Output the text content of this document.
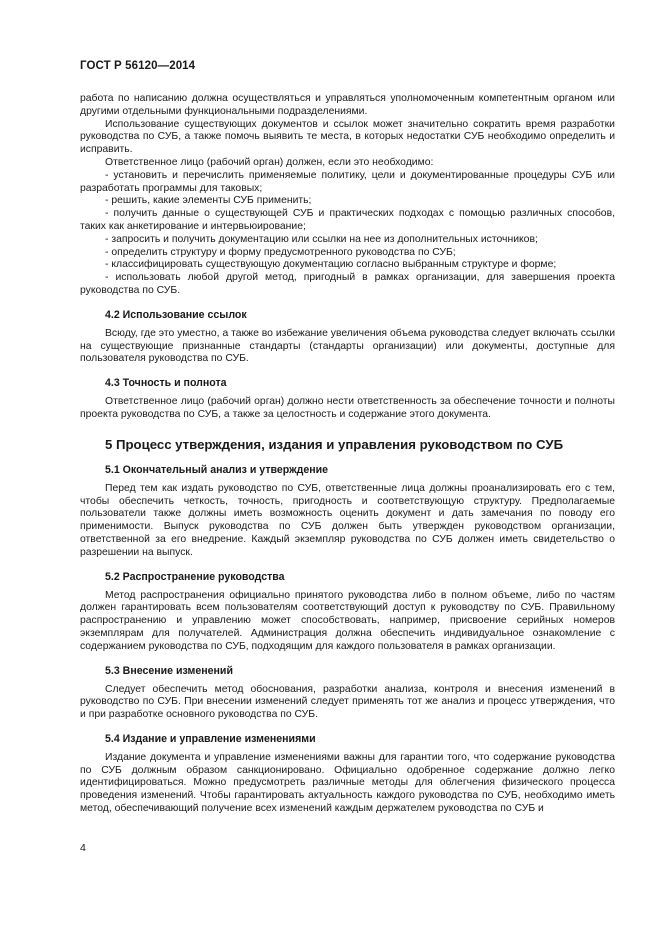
ГОСТ Р 56120—2014

работа по написанию должна осуществляться и управляться уполномоченным компетентным органом или другими отдельными функциональными подразделениями.

Использование существующих документов и ссылок может значительно сократить время разработки руководства по СУБ, а также помочь выявить те места, в которых недостатки СУБ необходимо определить и исправить.

Ответственное лицо (рабочий орган) должен, если это необходимо:

- установить и перечислить применяемые политику, цели и документированные процедуры СУБ или разработать программы для таковых;

- решить, какие элементы СУБ применить;

- получить данные о существующей СУБ и практических подходах с помощью различных способов, таких как анкетирование и интервьюирование;

- запросить и получить документацию или ссылки на нее из дополнительных источников;

- определить структуру и форму предусмотренного руководства по СУБ;

- классифицировать существующую документацию согласно выбранным структуре и форме;

- использовать любой другой метод, пригодный в рамках организации, для завершения проекта руководства по СУБ.

4.2 Использование ссылок

Всюду, где это уместно, а также во избежание увеличения объема руководства следует включать ссылки на существующие признанные стандарты (стандарты организации) или документы, доступные для пользователя руководства по СУБ.

4.3 Точность и полнота

Ответственное лицо (рабочий орган) должно нести ответственность за обеспечение точности и полноты проекта руководства по СУБ, а также за целостность и содержание этого документа.

5 Процесс утверждения, издания и управления руководством по СУБ
5.1 Окончательный анализ и утверждение

Перед тем как издать руководство по СУБ, ответственные лица должны проанализировать его с тем, чтобы обеспечить четкость, точность, пригодность и соответствующую структуру. Предполагаемые пользователи также должны иметь возможность оценить документ и дать замечания по поводу его применимости. Выпуск руководства по СУБ должен быть утвержден руководством организации, ответственной за его внедрение. Каждый экземпляр руководства по СУБ должен иметь свидетельство о разрешении на выпуск.

5.2 Распространение руководства

Метод распространения официально принятого руководства либо в полном объеме, либо по частям должен гарантировать всем пользователям соответствующий доступ к руководству по СУБ. Правильному распространению и управлению может способствовать, например, присвоение серийных номеров экземплярам для получателей. Администрация должна обеспечить индивидуальное ознакомление с содержанием руководства по СУБ, подходящим для каждого пользователя в рамках организации.

5.3 Внесение изменений

Следует обеспечить метод обоснования, разработки анализа, контроля и внесения изменений в руководство по СУБ. При внесении изменений следует применять тот же анализ и процесс утверждения, что и при разработке основного руководства по СУБ.

5.4 Издание и управление изменениями

Издание документа и управление изменениями важны для гарантии того, что содержание руководства по СУБ должным образом санкционировано. Официально одобренное содержание должно легко идентифицироваться. Можно предусмотреть различные методы для облегчения физического процесса проведения изменений. Чтобы гарантировать актуальность каждого руководства по СУБ, необходимо иметь метод, обеспечивающий получение всех изменений каждым держателем руководства по СУБ и

4
